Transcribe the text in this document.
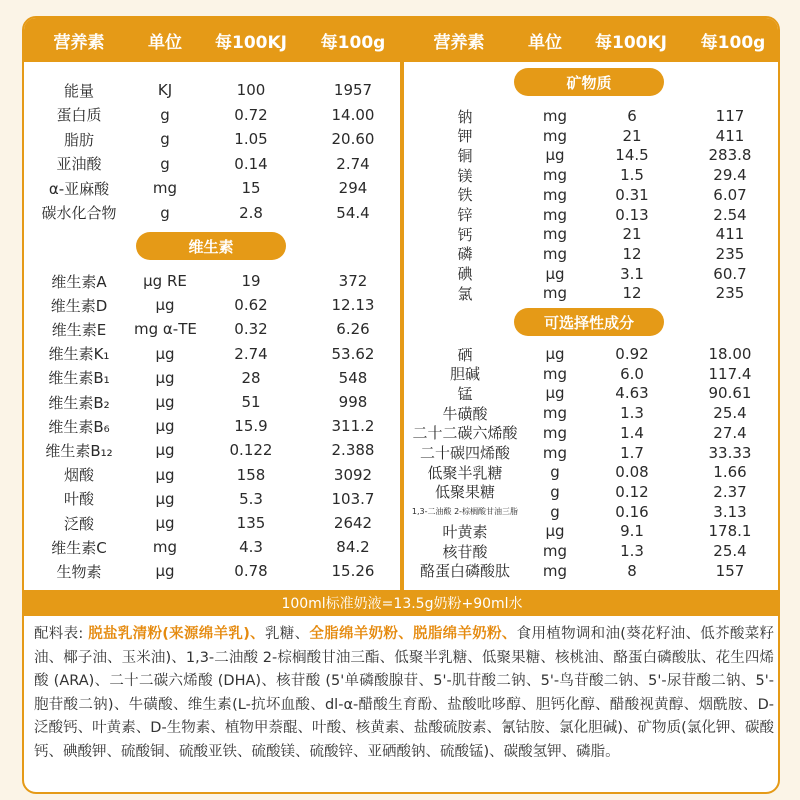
营养素	单位	每100KJ	每100g	营养素	单位	每100KJ	每100g
能量	KJ	100	1957
蛋白质	g	0.72	14.00
脂肪	g	1.05	20.60
亚油酸	g	0.14	2.74
α-亚麻酸	mg	15	294
碳水化合物	g	2.8	54.4
维生素
维生素A	μg RE	19	372
维生素D	μg	0.62	12.13
维生素E	mg α-TE	0.32	6.26
维生素K₁	μg	2.74	53.62
维生素B₁	μg	28	548
维生素B₂	μg	51	998
维生素B₆	μg	15.9	311.2
维生素B₁₂	μg	0.122	2.388
烟酸	μg	158	3092
叶酸	μg	5.3	103.7
泛酸	μg	135	2642
维生素C	mg	4.3	84.2
生物素	μg	0.78	15.26
矿物质
钠	mg	6	117
钾	mg	21	411
铜	μg	14.5	283.8
镁	mg	1.5	29.4
铁	mg	0.31	6.07
锌	mg	0.13	2.54
钙	mg	21	411
磷	mg	12	235
碘	μg	3.1	60.7
氯	mg	12	235
可选择性成分
硒	μg	0.92	18.00
胆碱	mg	6.0	117.4
锰	μg	4.63	90.61
牛磺酸	mg	1.3	25.4
二十二碳六烯酸	mg	1.4	27.4
二十碳四烯酸	mg	1.7	33.33
低聚半乳糖	g	0.08	1.66
低聚果糖	g	0.12	2.37
1,3-二油酸 2-棕榈酸甘油三脂	g	0.16	3.13
叶黄素	μg	9.1	178.1
核苷酸	mg	1.3	25.4
酪蛋白磷酸肽	mg	8	157
100ml标准奶液=13.5g奶粉+90ml水

配料表: 脱盐乳清粉(来源绵羊乳)、乳糖、全脂绵羊奶粉、脱脂绵羊奶粉、食用植物调和油(葵花籽油、低芥酸菜籽油、椰子油、玉米油)、1,3-二油酸 2-棕榈酸甘油三酯、低聚半乳糖、低聚果糖、核桃油、酪蛋白磷酸肽、花生四烯酸 (ARA)、二十二碳六烯酸 (DHA)、核苷酸 (5'单磷酸腺苷、5'-肌苷酸二钠、5'-鸟苷酸二钠、5'-尿苷酸二钠、5'-胞苷酸二钠)、牛磺酸、维生素(L-抗坏血酸、dl-α-醋酸生育酚、盐酸吡哆醇、胆钙化醇、醋酸视黄醇、烟酰胺、D-泛酸钙、叶黄素、D-生物素、植物甲萘醌、叶酸、核黄素、盐酸硫胺素、氰钴胺、氯化胆碱)、矿物质(氯化钾、碳酸钙、碘酸钾、硫酸铜、硫酸亚铁、硫酸镁、硫酸锌、亚硒酸钠、硫酸锰)、碳酸氢钾、磷脂。
